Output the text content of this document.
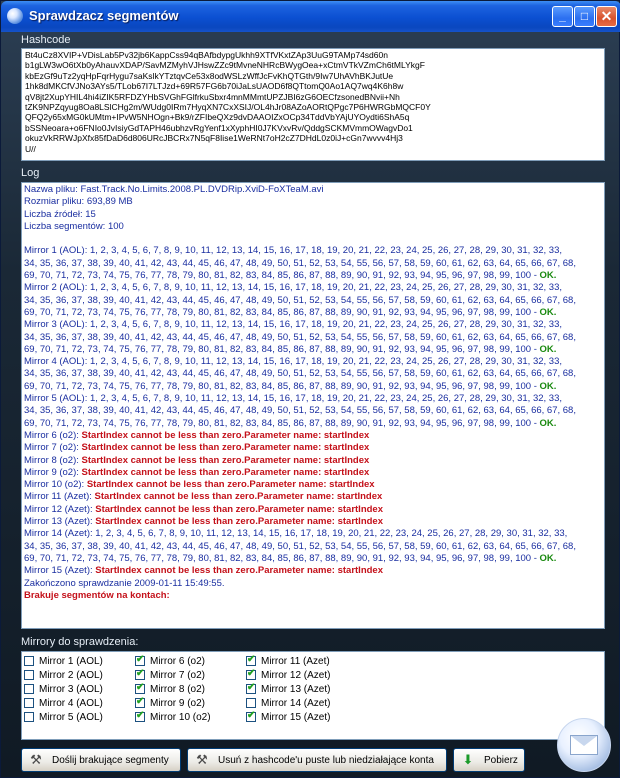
Sprawdzacz segmentów	_	□ ✕
Hashcode
Bt4uCz8XVIP+VDisLab5Pv32jb6KappCss94qBAfbdypgUkhh9XTfVKxtZAp3UuG9TAMp74sd60n
b1gLW3wO6tXb0yAhauvXDAP/SavMZMyhVJHswZZc9tMvneNHRcBWygOea+xCtmVTkVZmCh6tMLYkgF
kbEzGf9uTz2yqHpFqrHygu7saKslkYTztqvCe53x8odWSLzWffJcFvKhQTGth/9Iw7UhAVhBKJutUe
1hk8dMKCfVJNo3AYs5/TLob67I7LTJzd+69R57FG6b70iJaLsUAOD6f8QTtomQ0Ao1AQ7wq4K6h8w
qV8jt2XupYHIL4hi4iZIK5RFDZYHbSVGhFGlfrkuSbxr4mnMMmtUPZJBI6zG6OECfzsonedBNvii+Nh
tZK9NPZqyug8Oa8LSlCHg2m/WUdg0IRm7HyqXN7CxXSIJ/OL4hJr08AZoAORtQPgc7P6HWRGbMQCF0Y
QFQ2y65xMG0kUMtm+IPvW5NHOgn+Bk9/rZFIbeQXz9dvDAAOIZxOCp34TddVbYAjUYOydti6ShA5q
bSSNeoara+o6FNIo0JvIsiyGdTAPH46ubhzvRgYenf1xXyphHI0J7KVxvRv/QddgSCKMVmmOWagvDo1
okuzVkRRWJpXfx85fDaD6d806URcJBCRx7N5qF8Iise1WeRNt7oH2cZ7DHdL0z0iJ+cGn7wvvv4Hj3
U//
Log
Nazwa pliku: Fast.Track.No.Limits.2008.PL.DVDRip.XviD-FoXTeaM.avi
Rozmiar pliku: 693,89 MB
Liczba źródeł: 15
Liczba segmentów: 100

Mirror 1 (AOL): 1, 2, 3, 4, 5, 6, 7, 8, 9, 10, 11, 12, 13, 14, 15, 16, 17, 18, 19, 20, 21, 22, 23, 24, 25, 26, 27, 28, 29, 30, 31, 32, 33,
34, 35, 36, 37, 38, 39, 40, 41, 42, 43, 44, 45, 46, 47, 48, 49, 50, 51, 52, 53, 54, 55, 56, 57, 58, 59, 60, 61, 62, 63, 64, 65, 66, 67, 68,
69, 70, 71, 72, 73, 74, 75, 76, 77, 78, 79, 80, 81, 82, 83, 84, 85, 86, 87, 88, 89, 90, 91, 92, 93, 94, 95, 96, 97, 98, 99, 100 - OK.
Mirror 2 (AOL): 1, 2, 3, 4, 5, 6, 7, 8, 9, 10, 11, 12, 13, 14, 15, 16, 17, 18, 19, 20, 21, 22, 23, 24, 25, 26, 27, 28, 29, 30, 31, 32, 33,
34, 35, 36, 37, 38, 39, 40, 41, 42, 43, 44, 45, 46, 47, 48, 49, 50, 51, 52, 53, 54, 55, 56, 57, 58, 59, 60, 61, 62, 63, 64, 65, 66, 67, 68,
69, 70, 71, 72, 73, 74, 75, 76, 77, 78, 79, 80, 81, 82, 83, 84, 85, 86, 87, 88, 89, 90, 91, 92, 93, 94, 95, 96, 97, 98, 99, 100 - OK.
Mirror 3 (AOL): 1, 2, 3, 4, 5, 6, 7, 8, 9, 10, 11, 12, 13, 14, 15, 16, 17, 18, 19, 20, 21, 22, 23, 24, 25, 26, 27, 28, 29, 30, 31, 32, 33,
34, 35, 36, 37, 38, 39, 40, 41, 42, 43, 44, 45, 46, 47, 48, 49, 50, 51, 52, 53, 54, 55, 56, 57, 58, 59, 60, 61, 62, 63, 64, 65, 66, 67, 68,
69, 70, 71, 72, 73, 74, 75, 76, 77, 78, 79, 80, 81, 82, 83, 84, 85, 86, 87, 88, 89, 90, 91, 92, 93, 94, 95, 96, 97, 98, 99, 100 - OK.
Mirror 4 (AOL): 1, 2, 3, 4, 5, 6, 7, 8, 9, 10, 11, 12, 13, 14, 15, 16, 17, 18, 19, 20, 21, 22, 23, 24, 25, 26, 27, 28, 29, 30, 31, 32, 33,
34, 35, 36, 37, 38, 39, 40, 41, 42, 43, 44, 45, 46, 47, 48, 49, 50, 51, 52, 53, 54, 55, 56, 57, 58, 59, 60, 61, 62, 63, 64, 65, 66, 67, 68,
69, 70, 71, 72, 73, 74, 75, 76, 77, 78, 79, 80, 81, 82, 83, 84, 85, 86, 87, 88, 89, 90, 91, 92, 93, 94, 95, 96, 97, 98, 99, 100 - OK.
Mirror 5 (AOL): 1, 2, 3, 4, 5, 6, 7, 8, 9, 10, 11, 12, 13, 14, 15, 16, 17, 18, 19, 20, 21, 22, 23, 24, 25, 26, 27, 28, 29, 30, 31, 32, 33,
34, 35, 36, 37, 38, 39, 40, 41, 42, 43, 44, 45, 46, 47, 48, 49, 50, 51, 52, 53, 54, 55, 56, 57, 58, 59, 60, 61, 62, 63, 64, 65, 66, 67, 68,
69, 70, 71, 72, 73, 74, 75, 76, 77, 78, 79, 80, 81, 82, 83, 84, 85, 86, 87, 88, 89, 90, 91, 92, 93, 94, 95, 96, 97, 98, 99, 100 - OK.
Mirror 6 (o2): StartIndex cannot be less than zero.Parameter name: startIndex
Mirror 7 (o2): StartIndex cannot be less than zero.Parameter name: startIndex
Mirror 8 (o2): StartIndex cannot be less than zero.Parameter name: startIndex
Mirror 9 (o2): StartIndex cannot be less than zero.Parameter name: startIndex
Mirror 10 (o2): StartIndex cannot be less than zero.Parameter name: startIndex
Mirror 11 (Azet): StartIndex cannot be less than zero.Parameter name: startIndex
Mirror 12 (Azet): StartIndex cannot be less than zero.Parameter name: startIndex
Mirror 13 (Azet): StartIndex cannot be less than zero.Parameter name: startIndex
Mirror 14 (Azet): 1, 2, 3, 4, 5, 6, 7, 8, 9, 10, 11, 12, 13, 14, 15, 16, 17, 18, 19, 20, 21, 22, 23, 24, 25, 26, 27, 28, 29, 30, 31, 32, 33,
34, 35, 36, 37, 38, 39, 40, 41, 42, 43, 44, 45, 46, 47, 48, 49, 50, 51, 52, 53, 54, 55, 56, 57, 58, 59, 60, 61, 62, 63, 64, 65, 66, 67, 68,
69, 70, 71, 72, 73, 74, 75, 76, 77, 78, 79, 80, 81, 82, 83, 84, 85, 86, 87, 88, 89, 90, 91, 92, 93, 94, 95, 96, 97, 98, 99, 100 - OK.
Mirror 15 (Azet): StartIndex cannot be less than zero.Parameter name: startIndex
Zakończono sprawdzanie 2009-01-11 15:49:55.
Brakuje segmentów na kontach:
Mirrory do sprawdzenia:
Mirror 1 (AOL)
Mirror 2 (AOL)
Mirror 3 (AOL)
Mirror 4 (AOL)
Mirror 5 (AOL)
✔
Mirror 6 (o2)
✔
Mirror 7 (o2)
✔
Mirror 8 (o2)
✔
Mirror 9 (o2)
✔
Mirror 10 (o2)
✔
Mirror 11 (Azet)
✔
Mirror 12 (Azet)
✔
Mirror 13 (Azet)
Mirror 14 (Azet)
✔
Mirror 15 (Azet)
⚒ Doślij brakujące segmenty ⚒ Usuń z hashcode'u puste lub niedziałające konta ⬇ Pobierz
